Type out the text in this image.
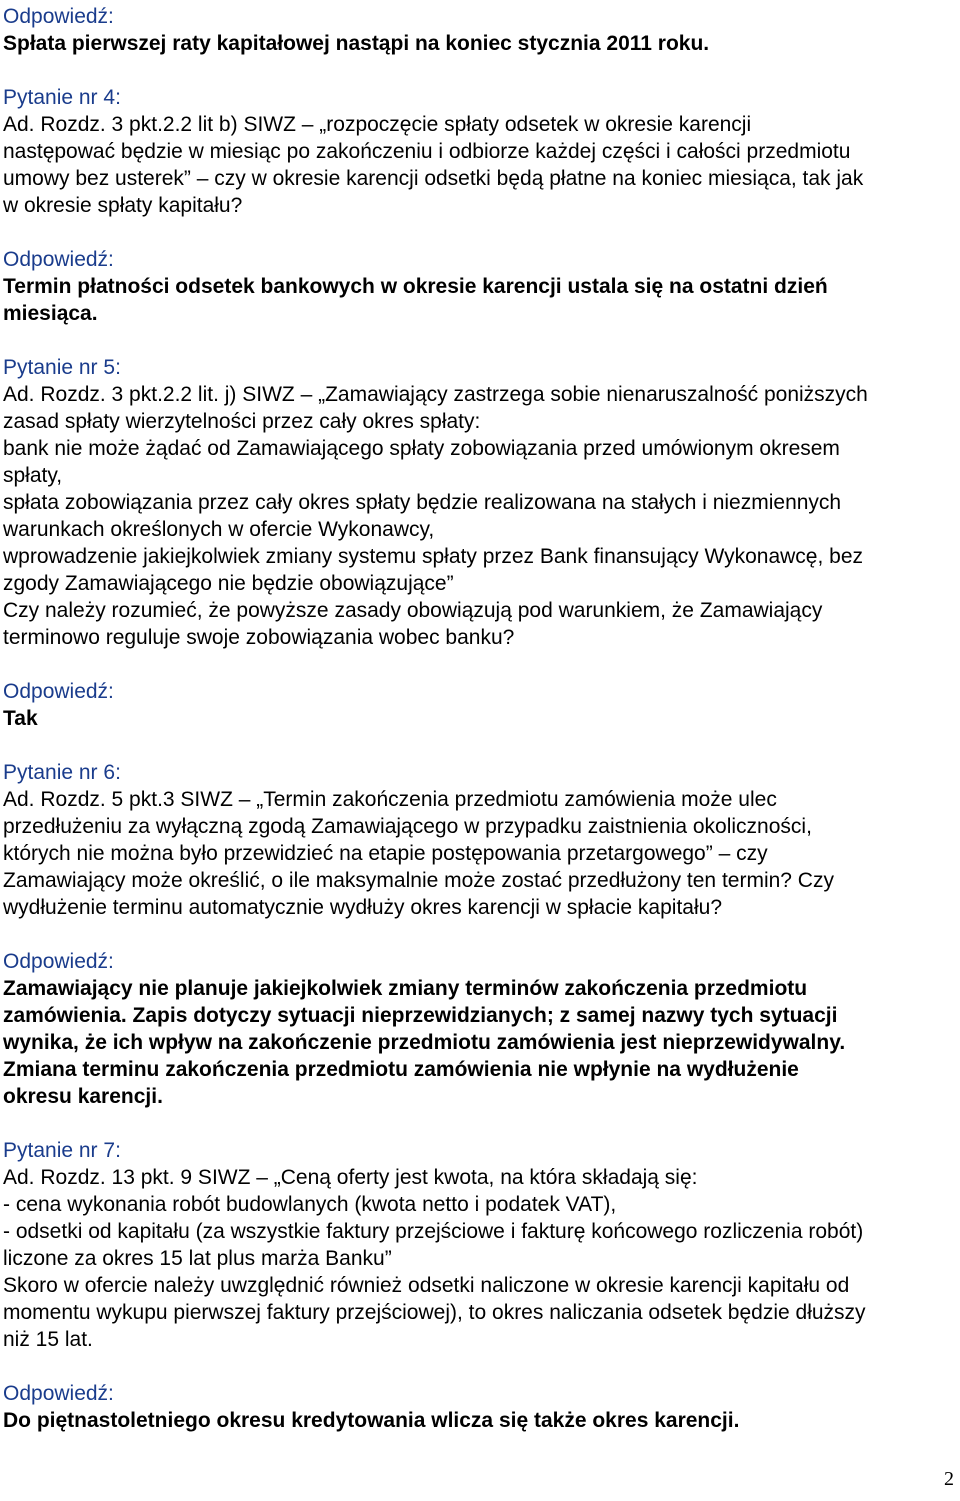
Odpowiedź:
Spłata pierwszej raty kapitałowej nastąpi na koniec stycznia 2011 roku.
Pytanie nr 4:
Ad. Rozdz. 3 pkt.2.2 lit b) SIWZ – „rozpoczęcie spłaty odsetek w okresie karencji
następować będzie w miesiąc po zakończeniu i odbiorze każdej części i całości przedmiotu
umowy bez usterek” – czy w okresie karencji odsetki będą płatne na koniec miesiąca, tak jak
w okresie spłaty kapitału?
Odpowiedź:
Termin płatności odsetek bankowych w okresie karencji ustala się na ostatni dzień
miesiąca.
Pytanie nr 5:
Ad. Rozdz. 3 pkt.2.2 lit. j) SIWZ – „Zamawiający zastrzega sobie nienaruszalność poniższych
zasad spłaty wierzytelności przez cały okres spłaty:
bank nie może żądać od Zamawiającego spłaty zobowiązania przed umówionym okresem
spłaty,
spłata zobowiązania przez cały okres spłaty będzie realizowana na stałych i niezmiennych
warunkach określonych w ofercie Wykonawcy,
wprowadzenie jakiejkolwiek zmiany systemu spłaty przez Bank finansujący Wykonawcę, bez
zgody Zamawiającego nie będzie obowiązujące”
Czy należy rozumieć, że powyższe zasady obowiązują pod warunkiem, że Zamawiający
terminowo reguluje swoje zobowiązania wobec banku?
Odpowiedź:
Tak
Pytanie nr 6:
Ad. Rozdz. 5 pkt.3 SIWZ – „Termin zakończenia przedmiotu zamówienia może ulec
przedłużeniu za wyłączną zgodą Zamawiającego w przypadku zaistnienia okoliczności,
których nie można było przewidzieć na etapie postępowania przetargowego” – czy
Zamawiający może określić, o ile maksymalnie może zostać przedłużony ten termin? Czy
wydłużenie terminu automatycznie wydłuży okres karencji w spłacie kapitału?
Odpowiedź:
Zamawiający nie planuje jakiejkolwiek zmiany terminów zakończenia przedmiotu
zamówienia. Zapis dotyczy sytuacji nieprzewidzianych; z samej nazwy tych sytuacji
wynika, że ich wpływ na zakończenie przedmiotu zamówienia jest nieprzewidywalny.
Zmiana terminu zakończenia przedmiotu zamówienia nie wpłynie na wydłużenie
okresu karencji.
Pytanie nr 7:
Ad. Rozdz. 13 pkt. 9 SIWZ – „Ceną oferty jest kwota, na która składają się:
- cena wykonania robót budowlanych (kwota netto i podatek VAT),
- odsetki od kapitału (za wszystkie faktury przejściowe i fakturę końcowego rozliczenia robót)
liczone za okres 15 lat plus marża Banku”
Skoro w ofercie należy uwzględnić również odsetki naliczone w okresie karencji kapitału od
momentu wykupu pierwszej faktury przejściowej), to okres naliczania odsetek będzie dłuższy
niż 15 lat.
Odpowiedź:
Do piętnastoletniego okresu kredytowania wlicza się także okres karencji.
2
